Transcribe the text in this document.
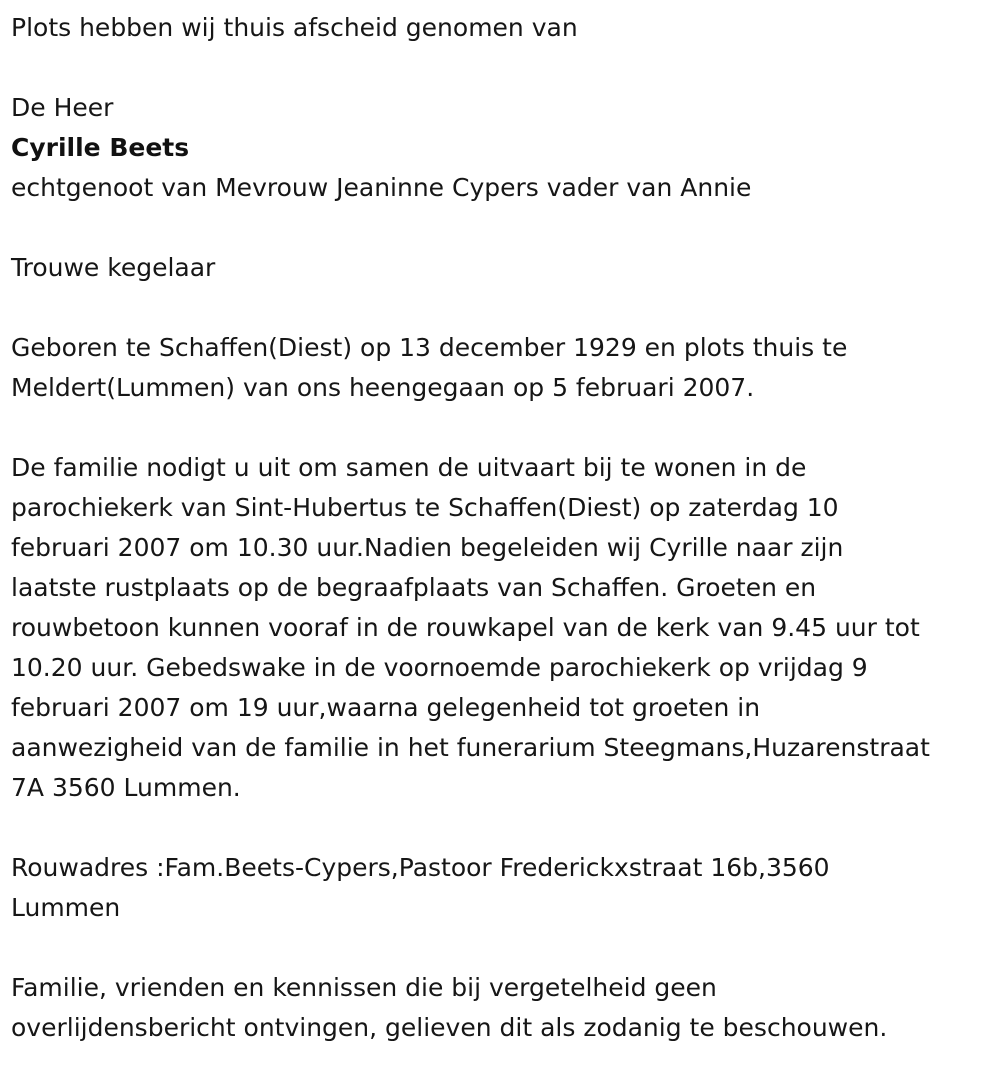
Plots hebben wij thuis afscheid genomen van
De Heer
Cyrille Beets
echtgenoot van Mevrouw Jeaninne Cypers vader van Annie
Trouwe kegelaar
Geboren te Schaffen(Diest) op 13 december 1929 en plots thuis te
Meldert(Lummen) van ons heengegaan op 5 februari 2007.
De familie nodigt u uit om samen de uitvaart bij te wonen in de
parochiekerk van Sint-Hubertus te Schaffen(Diest) op zaterdag 10
februari 2007 om 10.30 uur.Nadien begeleiden wij Cyrille naar zijn
laatste rustplaats op de begraafplaats van Schaffen. Groeten en
rouwbetoon kunnen vooraf in de rouwkapel van de kerk van 9.45 uur tot
10.20 uur. Gebedswake in de voornoemde parochiekerk op vrijdag 9
februari 2007 om 19 uur,waarna gelegenheid tot groeten in
aanwezigheid van de familie in het funerarium Steegmans,Huzarenstraat
7A 3560 Lummen.
Rouwadres :Fam.Beets-Cypers,Pastoor Frederickxstraat 16b,3560
Lummen
Familie, vrienden en kennissen die bij vergetelheid geen
overlijdensbericht ontvingen, gelieven dit als zodanig te beschouwen.
